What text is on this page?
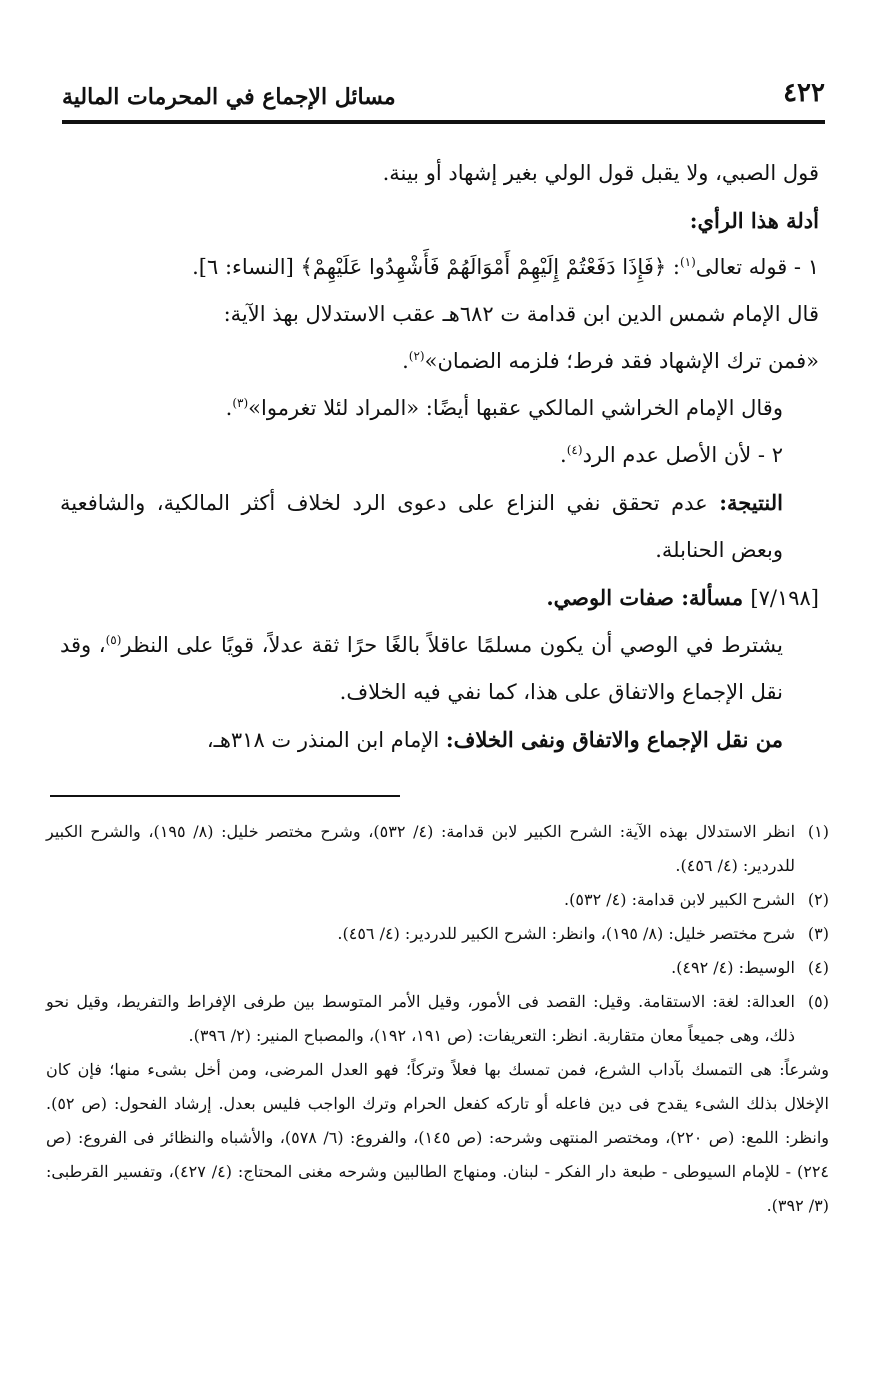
٤٢٢
مسائل الإجماع في المحرمات المالية

قول الصبي، ولا يقبل قول الولي بغير إشهاد أو بينة.

أدلة هذا الرأي:

١ - قوله تعالى$^{(١)}$: ﴿فَإِذَا دَفَعْتُمْ إِلَيْهِمْ أَمْوَالَهُمْ فَأَشْهِدُوا عَلَيْهِمْ﴾ [النساء: ٦].

قال الإمام شمس الدين ابن قدامة ت ٦٨٢هـ عقب الاستدلال بهذ الآية:
«فمن ترك الإشهاد فقد فرط؛ فلزمه الضمان»$^{(٢)}$.

وقال الإمام الخراشي المالكي عقبها أيضًا: «المراد لئلا تغرموا»$^{(٣)}$.

٢ - لأن الأصل عدم الرد$^{(٤)}$.

النتيجة: عدم تحقق نفي النزاع على دعوى الرد لخلاف أكثر المالكية، والشافعية وبعض الحنابلة.

[٧/١٩٨] مسألة: صفات الوصي.

يشترط في الوصي أن يكون مسلمًا عاقلاً بالغًا حرًا ثقة عدلاً، قويًا على النظر$^{(٥)}$، وقد نقل الإجماع والاتفاق على هذا، كما نفي فيه الخلاف.

من نقل الإجماع والاتفاق ونفى الخلاف: الإمام ابن المنذر ت ٣١٨هـ،

(١)
انظر الاستدلال بهذه الآية: الشرح الكبير لابن قدامة: (٤/ ٥٣٢)، وشرح مختصر خليل: (٨/ ١٩٥)، والشرح الكبير للدردير: (٤/ ٤٥٦).

(٢)
الشرح الكبير لابن قدامة: (٤/ ٥٣٢).

(٣)
شرح مختصر خليل: (٨/ ١٩٥)، وانظر: الشرح الكبير للدردير: (٤/ ٤٥٦).

(٤)
الوسيط: (٤/ ٤٩٢).

(٥)
العدالة: لغة: الاستقامة. وقيل: القصد فى الأمور، وقيل الأمر المتوسط بين طرفى الإفراط والتفريط، وقيل نحو ذلك، وهى جميعاً معان متقاربة. انظر: التعريفات: (ص ١٩١، ١٩٢)، والمصباح المنير: (٢/ ٣٩٦).

وشرعاً: هى التمسك بآداب الشرع، فمن تمسك بها فعلاً وتركاً؛ فهو العدل المرضى، ومن أخل بشىء منها؛ فإن كان الإخلال بذلك الشىء يقدح فى دين فاعله أو تاركه كفعل الحرام وترك الواجب فليس بعدل. إرشاد الفحول: (ص ٥٢). وانظر: اللمع: (ص ٢٢٠)، ومختصر المنتهى وشرحه: (ص ١٤٥)، والفروع: (٦/ ٥٧٨)، والأشباه والنظائر فى الفروع: (ص ٢٢٤) - للإمام السيوطى - طبعة دار الفكر - لبنان. ومنهاج الطالبين وشرحه مغنى المحتاج: (٤/ ٤٢٧)، وتفسير القرطبى: (٣/ ٣٩٢).
